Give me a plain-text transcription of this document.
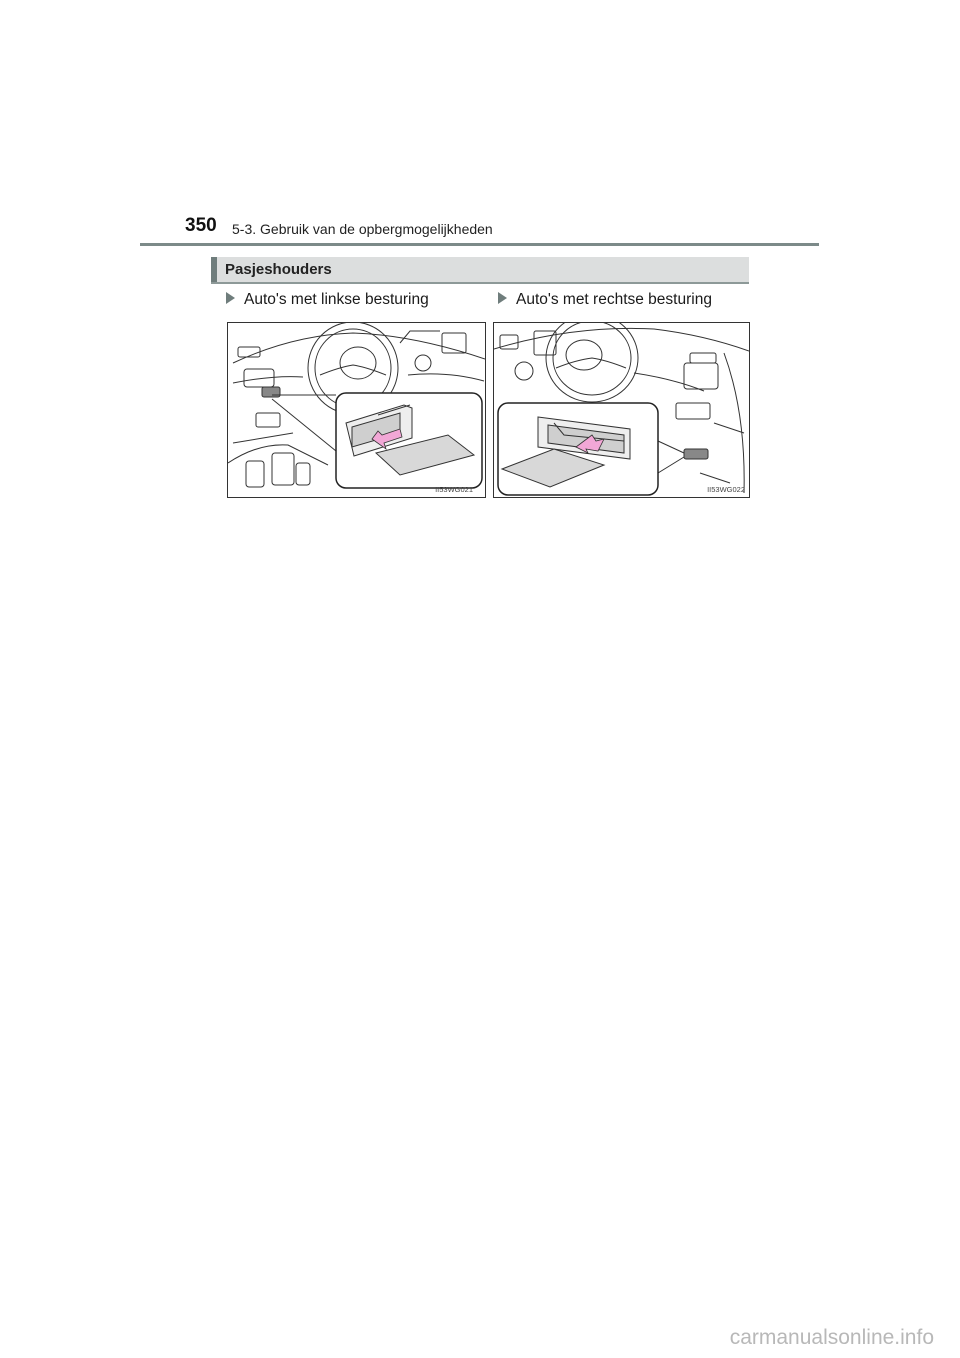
350 5-3. Gebruik van de opbergmogelijkheden
Pasjeshouders
Auto's met linkse besturing	Auto's met rechtse besturing
II53WG021	II53WG022
carmanualsonline.info
